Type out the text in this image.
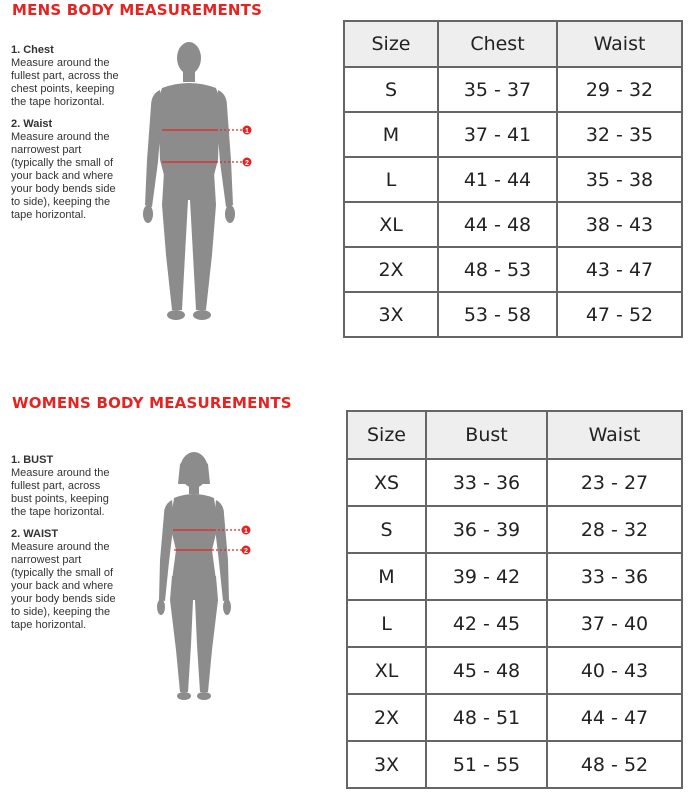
MENS BODY MEASUREMENTS

1. Chest
Measure around the fullest part, across the chest points, keeping the tape horizontal.

2. Waist
Measure around the narrowest part (typically the small of your back and where your body bends side to side), keeping the tape horizontal.

1
2
Size	Chest	Waist
S	35 - 37	29 - 32
M	37 - 41	32 - 35
L	41 - 44	35 - 38
XL	44 - 48	38 - 43
2X	48 - 53	43 - 47
3X	53 - 58	47 - 52
WOMENS BODY MEASUREMENTS

1. BUST
Measure around the fullest part, across bust points, keeping the tape horizontal.

2. WAIST
Measure around the narrowest part (typically the small of your back and where your body bends side to side), keeping the tape horizontal.

1
2
Size	Bust	Waist
XS	33 - 36	23 - 27
S	36 - 39	28 - 32
M	39 - 42	33 - 36
L	42 - 45	37 - 40
XL	45 - 48	40 - 43
2X	48 - 51	44 - 47
3X	51 - 55	48 - 52
